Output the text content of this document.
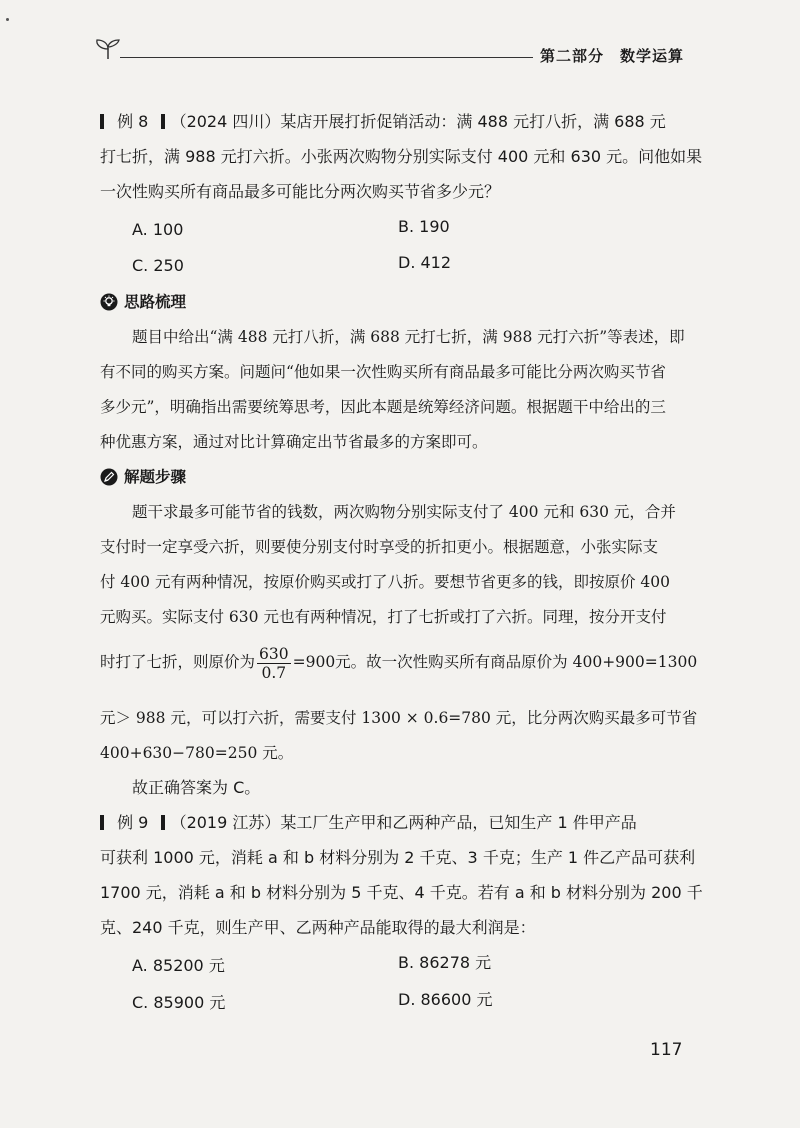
第二部分　数学运算
例 8 （2024 四川）某店开展打折促销活动：满 488 元打八折，满 688 元
打七折，满 988 元打六折。小张两次购物分别实际支付 400 元和 630 元。问他如果
一次性购买所有商品最多可能比分两次购买节省多少元？
A. 100	B. 190
C. 250	D. 412
思路梳理
题目中给出“满 488 元打八折，满 688 元打七折，满 988 元打六折”等表述，即
有不同的购买方案。问题问“他如果一次性购买所有商品最多可能比分两次购买节省
多少元”，明确指出需要统筹思考，因此本题是统筹经济问题。根据题干中给出的三
种优惠方案，通过对比计算确定出节省最多的方案即可。
解题步骤
题干求最多可能节省的钱数，两次购物分别实际支付了 400 元和 630 元，合并
支付时一定享受六折，则要使分别支付时享受的折扣更小。根据题意，小张实际支
付 400 元有两种情况，按原价购买或打了八折。要想节省更多的钱，即按原价 400
元购买。实际支付 630 元也有两种情况，打了七折或打了六折。同理，按分开支付
时打了七折，则原价为 $\frac{630}{0.7} =900$元。故一次性购买所有商品原价为 400+900=1300
元＞ 988 元，可以打六折，需要支付 1300 × 0.6=780 元，比分两次购买最多可节省
400+630−780=250 元。
故正确答案为 C。
例 9 （2019 江苏）某工厂生产甲和乙两种产品，已知生产 1 件甲产品
可获利 1000 元，消耗 a 和 b 材料分别为 2 千克、3 千克；生产 1 件乙产品可获利
1700 元，消耗 a 和 b 材料分别为 5 千克、4 千克。若有 a 和 b 材料分别为 200 千
克、240 千克，则生产甲、乙两种产品能取得的最大利润是：
A. 85200 元	B. 86278 元
C. 85900 元	D. 86600 元
117
